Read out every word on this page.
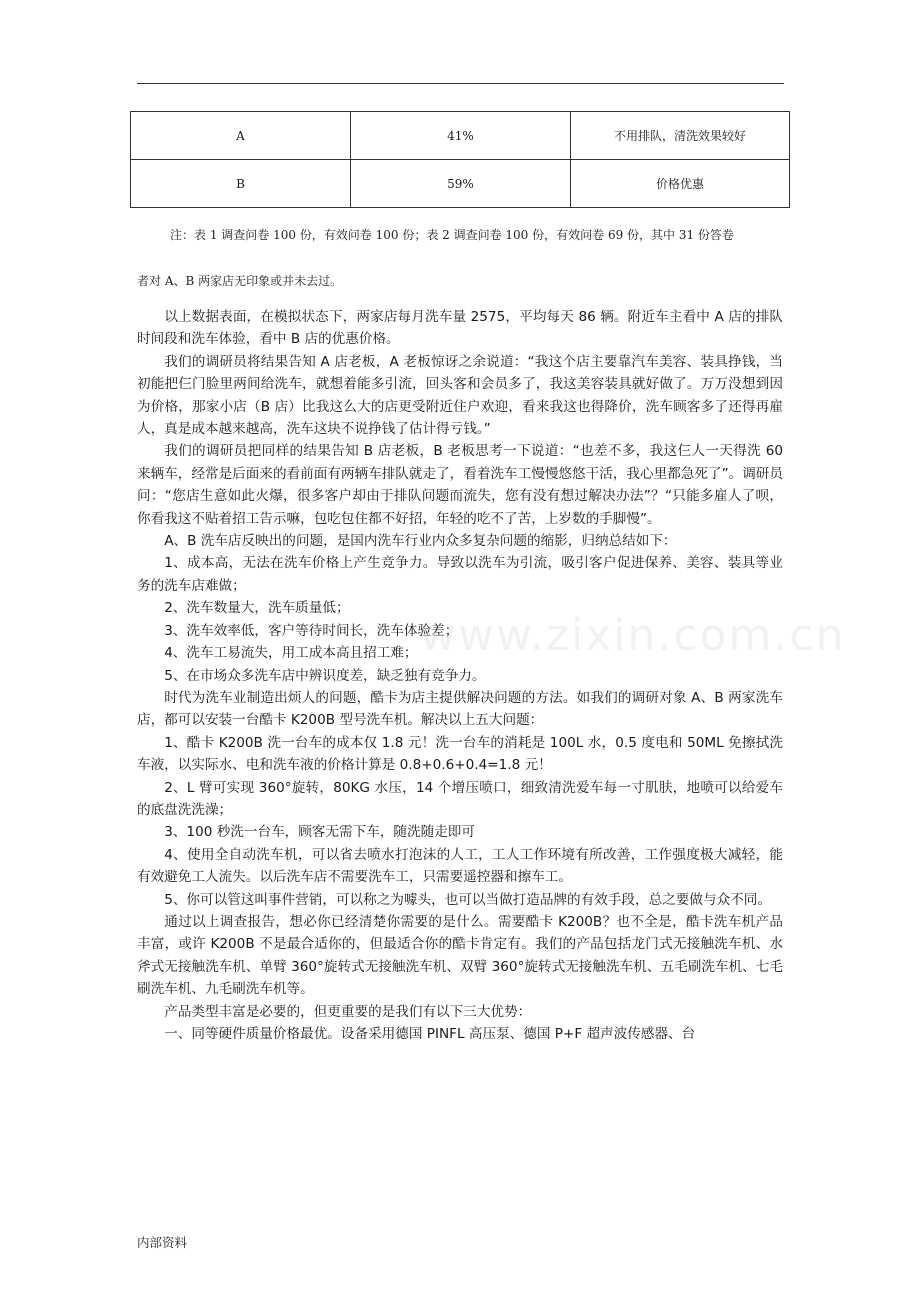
A	41%	不用排队，清洗效果较好
B	59%	价格优惠
注：表 1 调查问卷 100 份，有效问卷 100 份；表 2 调查问卷 100 份，有效问卷 69 份，其中 31 份答卷
者对 A、B 两家店无印象或并未去过。
www.zixin.com.cn

以上数据表面，在模拟状态下，两家店每月洗车量 2575，平均每天 86 辆。附近车主看中 A 店的排队时间段和洗车体验，看中 B 店的优惠价格。

我们的调研员将结果告知 A 店老板，A 老板惊讶之余说道：“我这个店主要靠汽车美容、装具挣钱，当初能把仨门脸里两间给洗车，就想着能多引流，回头客和会员多了，我这美容装具就好做了。万万没想到因为价格，那家小店（B 店）比我这么大的店更受附近住户欢迎，看来我这也得降价，洗车顾客多了还得再雇人，真是成本越来越高，洗车这块不说挣钱了估计得亏钱。”

我们的调研员把同样的结果告知 B 店老板，B 老板思考一下说道：“也差不多，我这仨人一天得洗 60 来辆车，经常是后面来的看前面有两辆车排队就走了，看着洗车工慢慢悠悠干活，我心里都急死了”。调研员问：“您店生意如此火爆，很多客户却由于排队问题而流失，您有没有想过解决办法”？“只能多雇人了呗，你看我这不贴着招工告示嘛，包吃包住都不好招，年轻的吃不了苦，上岁数的手脚慢”。

A、B 洗车店反映出的问题，是国内洗车行业内众多复杂问题的缩影，归纳总结如下：

1、成本高，无法在洗车价格上产生竞争力。导致以洗车为引流，吸引客户促进保养、美容、装具等业务的洗车店难做；

2、洗车数量大，洗车质量低；

3、洗车效率低，客户等待时间长，洗车体验差；

4、洗车工易流失，用工成本高且招工难；

5、在市场众多洗车店中辨识度差，缺乏独有竞争力。

时代为洗车业制造出烦人的问题，酷卡为店主提供解决问题的方法。如我们的调研对象 A、B 两家洗车店，都可以安装一台酷卡 K200B 型号洗车机。解决以上五大问题：

1、酷卡 K200B 洗一台车的成本仅 1.8 元！洗一台车的消耗是 100L 水，0.5 度电和 50ML 免擦拭洗车液，以实际水、电和洗车液的价格计算是 0.8+0.6+0.4=1.8 元！

2、L 臂可实现 360°旋转，80KG 水压，14 个增压喷口，细致清洗爱车每一寸肌肤，地喷可以给爱车的底盘洗洗澡；

3、100 秒洗一台车，顾客无需下车，随洗随走即可

4、使用全自动洗车机，可以省去喷水打泡沫的人工，工人工作环境有所改善，工作强度极大减轻，能有效避免工人流失。以后洗车店不需要洗车工，只需要遥控器和擦车工。

5、你可以管这叫事件营销，可以称之为噱头，也可以当做打造品牌的有效手段，总之要做与众不同。

通过以上调查报告，想必你已经清楚你需要的是什么。需要酷卡 K200B？也不全是，酷卡洗车机产品丰富，或许 K200B 不是最合适你的，但最适合你的酷卡肯定有。我们的产品包括龙门式无接触洗车机、水斧式无接触洗车机、单臂 360°旋转式无接触洗车机、双臂 360°旋转式无接触洗车机、五毛刷洗车机、七毛刷洗车机、九毛刷洗车机等。

产品类型丰富是必要的，但更重要的是我们有以下三大优势：

一、同等硬件质量价格最优。设备采用德国 PINFL 高压泵、德国 P+F 超声波传感器、台

内部资料
